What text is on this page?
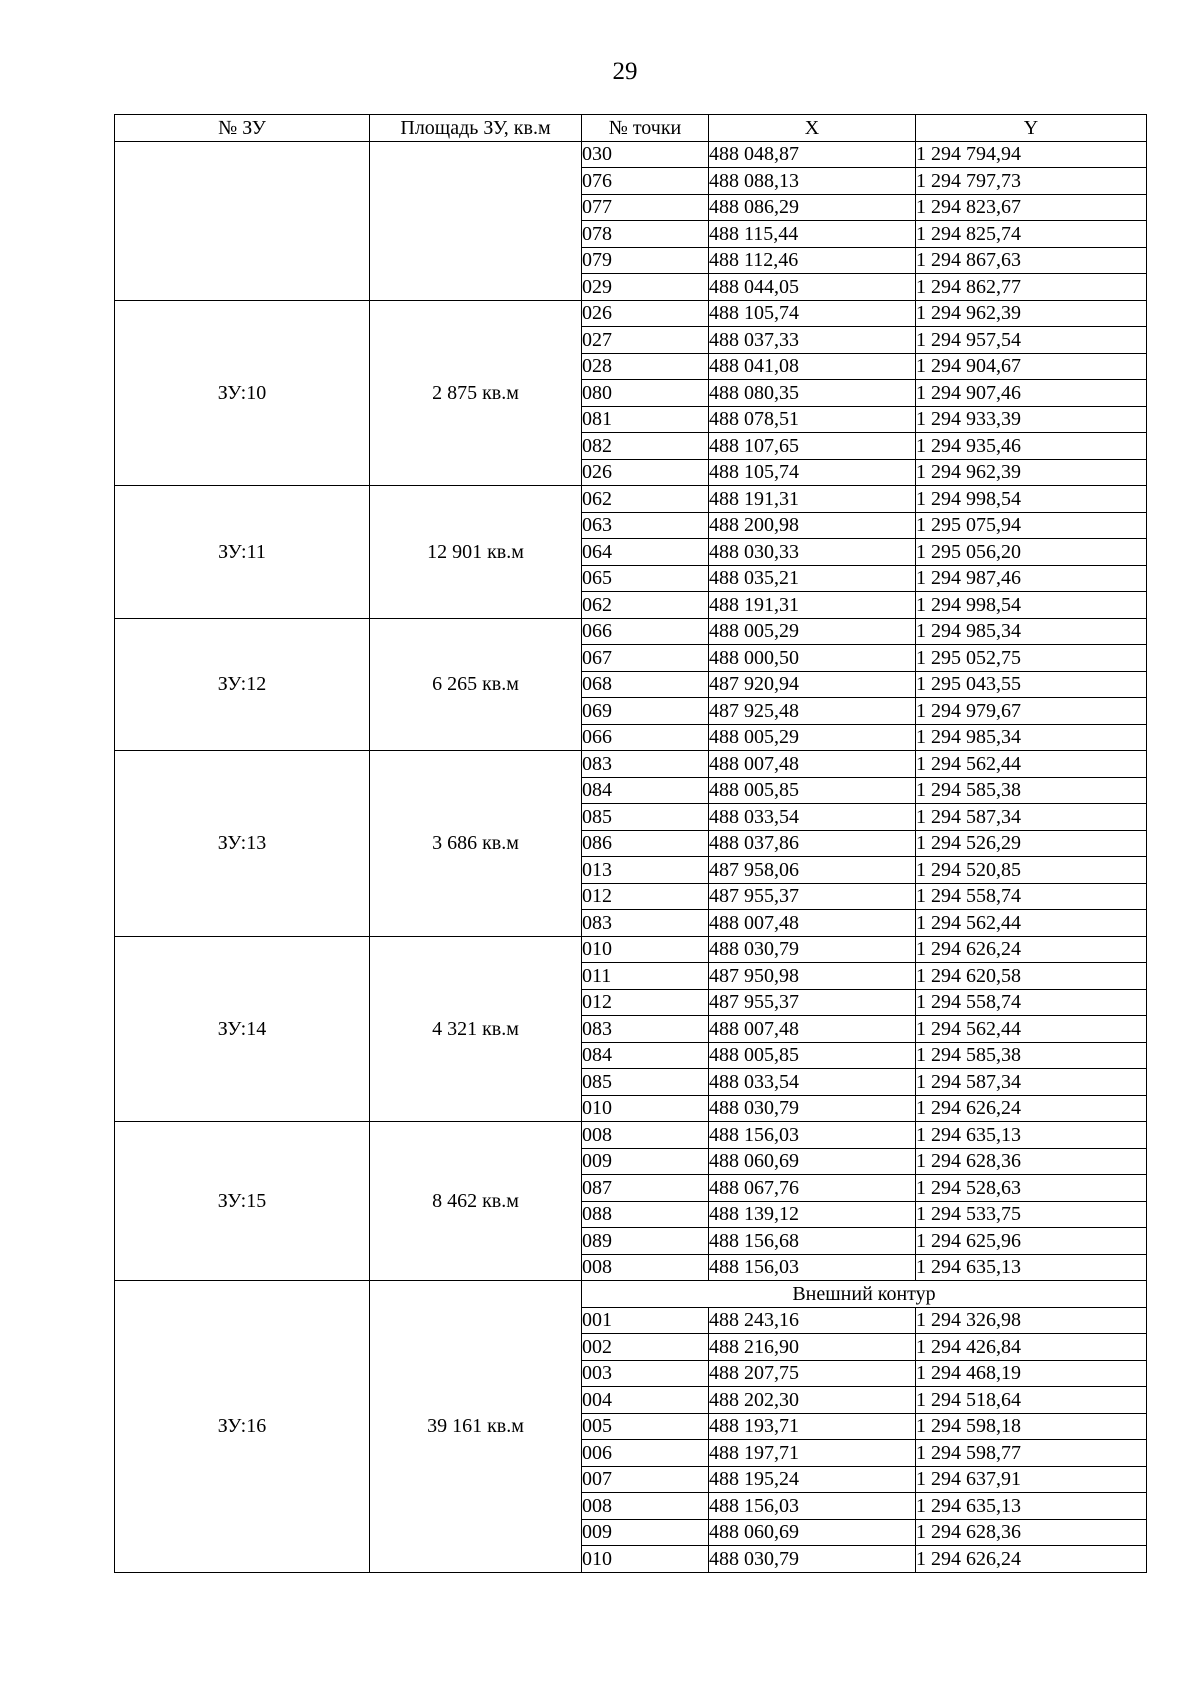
29
№ ЗУ	Площадь ЗУ, кв.м	№ точки	X	Y
		030	488 048,87	1 294 794,94
		076	488 088,13	1 294 797,73
		077	488 086,29	1 294 823,67
		078	488 115,44	1 294 825,74
		079	488 112,46	1 294 867,63
		029	488 044,05	1 294 862,77
ЗУ:10	2 875 кв.м	026	488 105,74	1 294 962,39
		027	488 037,33	1 294 957,54
		028	488 041,08	1 294 904,67
		080	488 080,35	1 294 907,46
		081	488 078,51	1 294 933,39
		082	488 107,65	1 294 935,46
		026	488 105,74	1 294 962,39
ЗУ:11	12 901 кв.м	062	488 191,31	1 294 998,54
		063	488 200,98	1 295 075,94
		064	488 030,33	1 295 056,20
		065	488 035,21	1 294 987,46
		062	488 191,31	1 294 998,54
ЗУ:12	6 265 кв.м	066	488 005,29	1 294 985,34
		067	488 000,50	1 295 052,75
		068	487 920,94	1 295 043,55
		069	487 925,48	1 294 979,67
		066	488 005,29	1 294 985,34
ЗУ:13	3 686 кв.м	083	488 007,48	1 294 562,44
		084	488 005,85	1 294 585,38
		085	488 033,54	1 294 587,34
		086	488 037,86	1 294 526,29
		013	487 958,06	1 294 520,85
		012	487 955,37	1 294 558,74
		083	488 007,48	1 294 562,44
ЗУ:14	4 321 кв.м	010	488 030,79	1 294 626,24
		011	487 950,98	1 294 620,58
		012	487 955,37	1 294 558,74
		083	488 007,48	1 294 562,44
		084	488 005,85	1 294 585,38
		085	488 033,54	1 294 587,34
		010	488 030,79	1 294 626,24
ЗУ:15	8 462 кв.м	008	488 156,03	1 294 635,13
		009	488 060,69	1 294 628,36
		087	488 067,76	1 294 528,63
		088	488 139,12	1 294 533,75
		089	488 156,68	1 294 625,96
		008	488 156,03	1 294 635,13
ЗУ:16	39 161 кв.м	Внешний контур		
		001	488 243,16	1 294 326,98
		002	488 216,90	1 294 426,84
		003	488 207,75	1 294 468,19
		004	488 202,30	1 294 518,64
		005	488 193,71	1 294 598,18
		006	488 197,71	1 294 598,77
		007	488 195,24	1 294 637,91
		008	488 156,03	1 294 635,13
		009	488 060,69	1 294 628,36
		010	488 030,79	1 294 626,24
